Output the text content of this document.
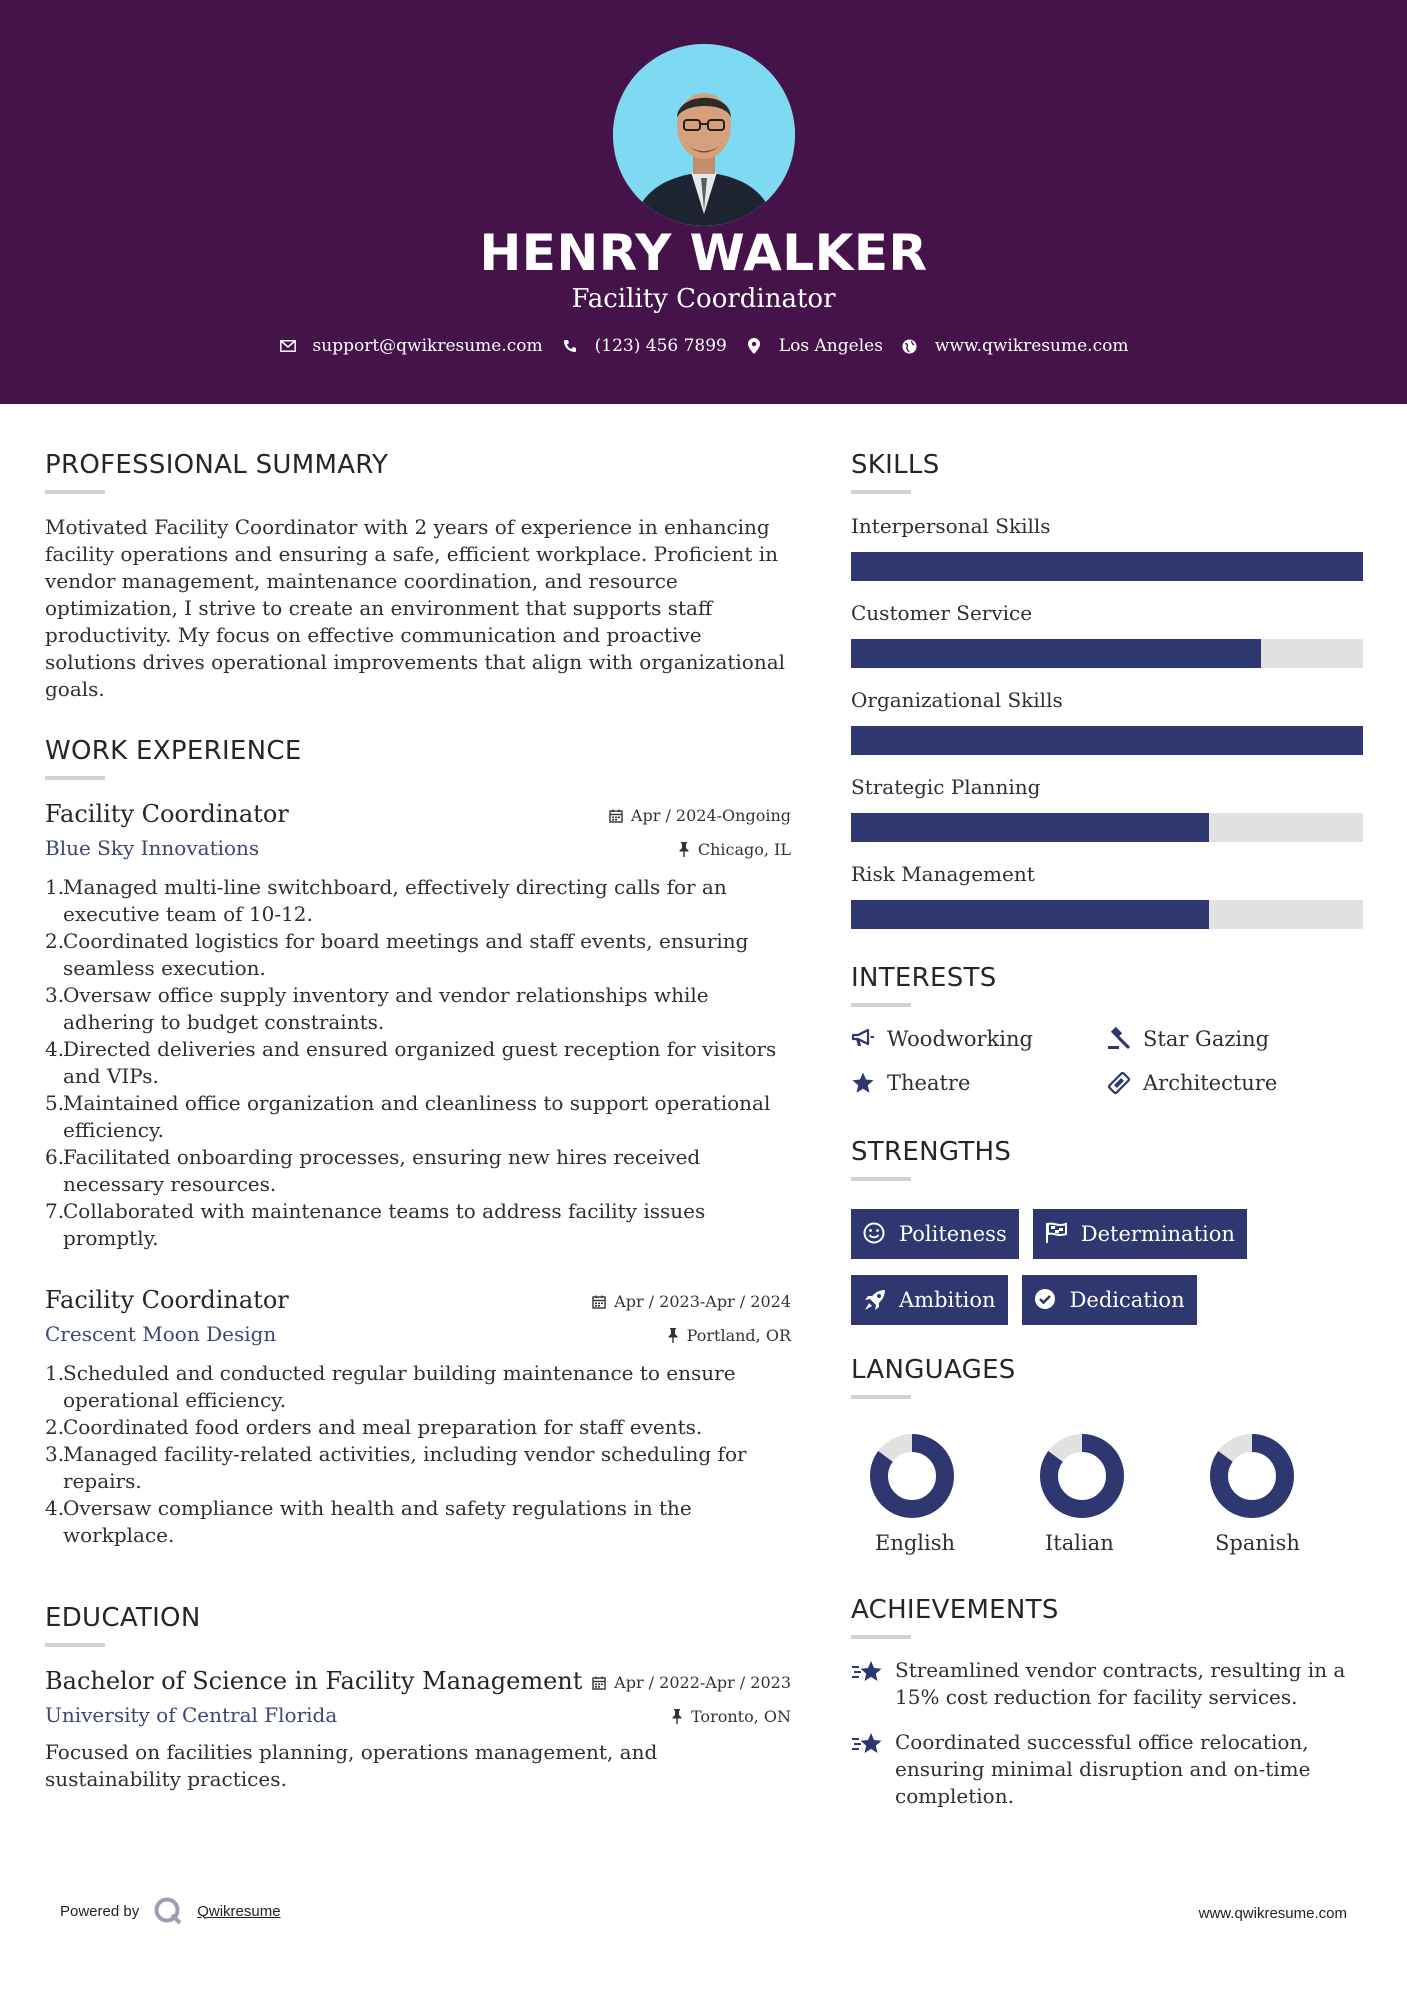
HENRY WALKER
Facility Coordinator
support@qwikresume.com	(123) 456 7899	Los Angeles	www.qwikresume.com
PROFESSIONAL SUMMARY

Motivated Facility Coordinator with 2 years of experience in enhancing facility operations and ensuring a safe, efficient workplace. Proficient in vendor management, maintenance coordination, and resource optimization, I strive to create an environment that supports staff productivity. My focus on effective communication and proactive solutions drives operational improvements that align with organizational goals.

WORK EXPERIENCE
Facility Coordinator
Blue Sky Innovations
Apr / 2024-Ongoing
Chicago, IL
1.
Managed multi-line switchboard, effectively directing calls for an executive team of 10-12.
2.
Coordinated logistics for board meetings and staff events, ensuring seamless execution.
3.
Oversaw office supply inventory and vendor relationships while adhering to budget constraints.
4.
Directed deliveries and ensured organized guest reception for visitors and VIPs.
5.
Maintained office organization and cleanliness to support operational efficiency.
6.
Facilitated onboarding processes, ensuring new hires received necessary resources.
7.
Collaborated with maintenance teams to address facility issues promptly.
Facility Coordinator
Crescent Moon Design
Apr / 2023-Apr / 2024
Portland, OR
1.
Scheduled and conducted regular building maintenance to ensure operational efficiency.
2.
Coordinated food orders and meal preparation for staff events.
3.
Managed facility-related activities, including vendor scheduling for repairs.
4.
Oversaw compliance with health and safety regulations in the workplace.
EDUCATION
Bachelor of Science in Facility Management
University of Central Florida
Apr / 2022-Apr / 2023
Toronto, ON

Focused on facilities planning, operations management, and sustainability practices.

SKILLS
Interpersonal Skills
Customer Service
Organizational Skills
Strategic Planning
Risk Management
INTERESTS
Woodworking	Star Gazing
Theatre	Architecture
STRENGTHS
Politeness	Determination
Ambition	Dedication
LANGUAGES
English	Italian	Spanish
ACHIEVEMENTS
Streamlined vendor contracts, resulting in a 15% cost reduction for facility services.
Coordinated successful office relocation, ensuring minimal disruption and on-time completion.
Powered by	Qwikresume	www.qwikresume.com
